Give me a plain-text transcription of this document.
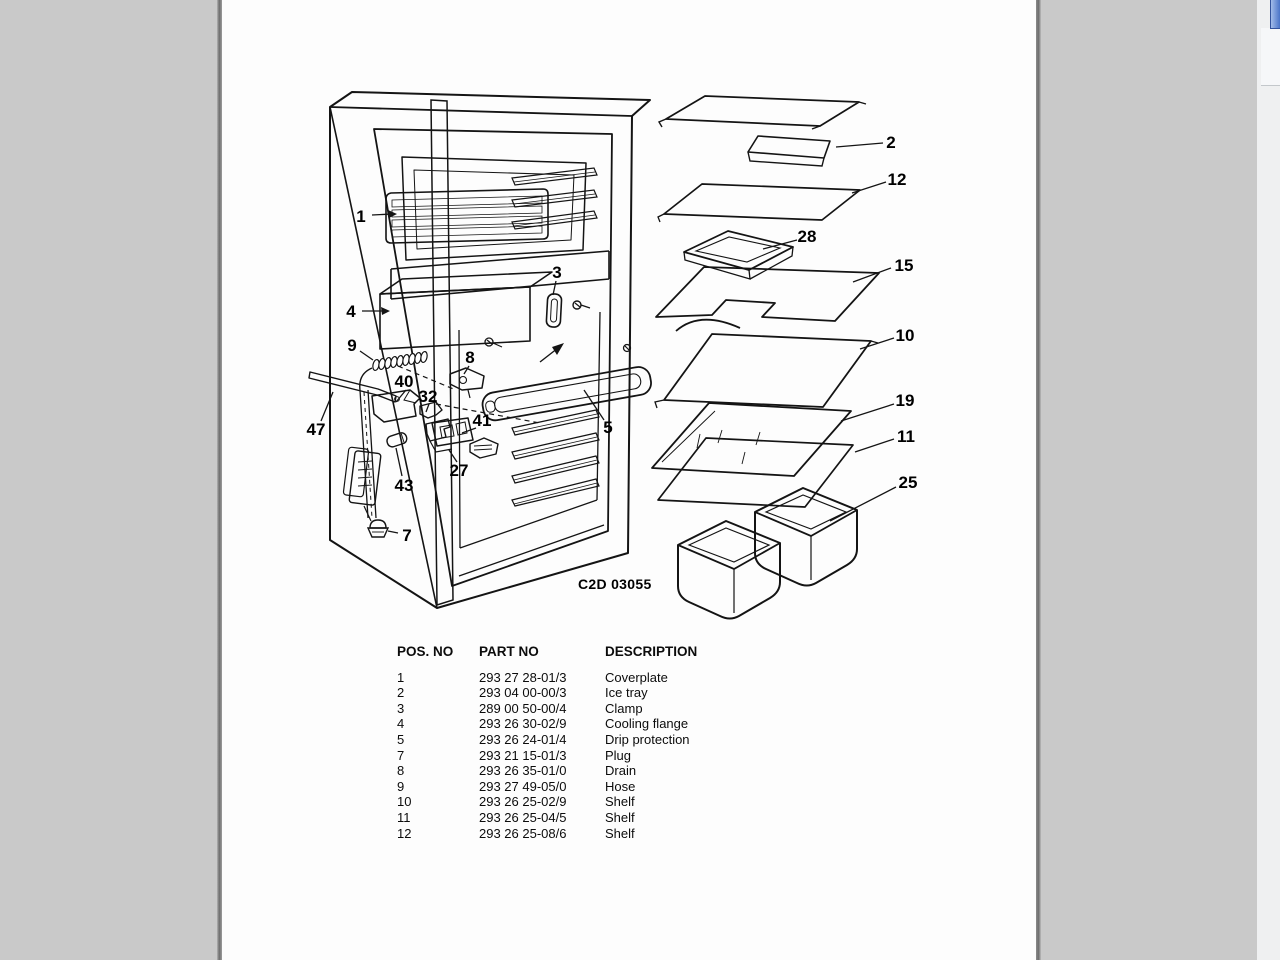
1
4
3
9
8
40
32
47	41	5
27
43
7
2
12
28
15
10
19
11
25
C2D 03055
POS. NO	PART NO	DESCRIPTION
1	293 27 28-01/3	Coverplate
2	293 04 00-00/3	Ice tray
3	289 00 50-00/4	Clamp
4	293 26 30-02/9	Cooling flange
5	293 26 24-01/4	Drip protection
7	293 21 15-01/3	Plug
8	293 26 35-01/0	Drain
9	293 27 49-05/0	Hose
10	293 26 25-02/9	Shelf
11	293 26 25-04/5	Shelf
12	293 26 25-08/6	Shelf
